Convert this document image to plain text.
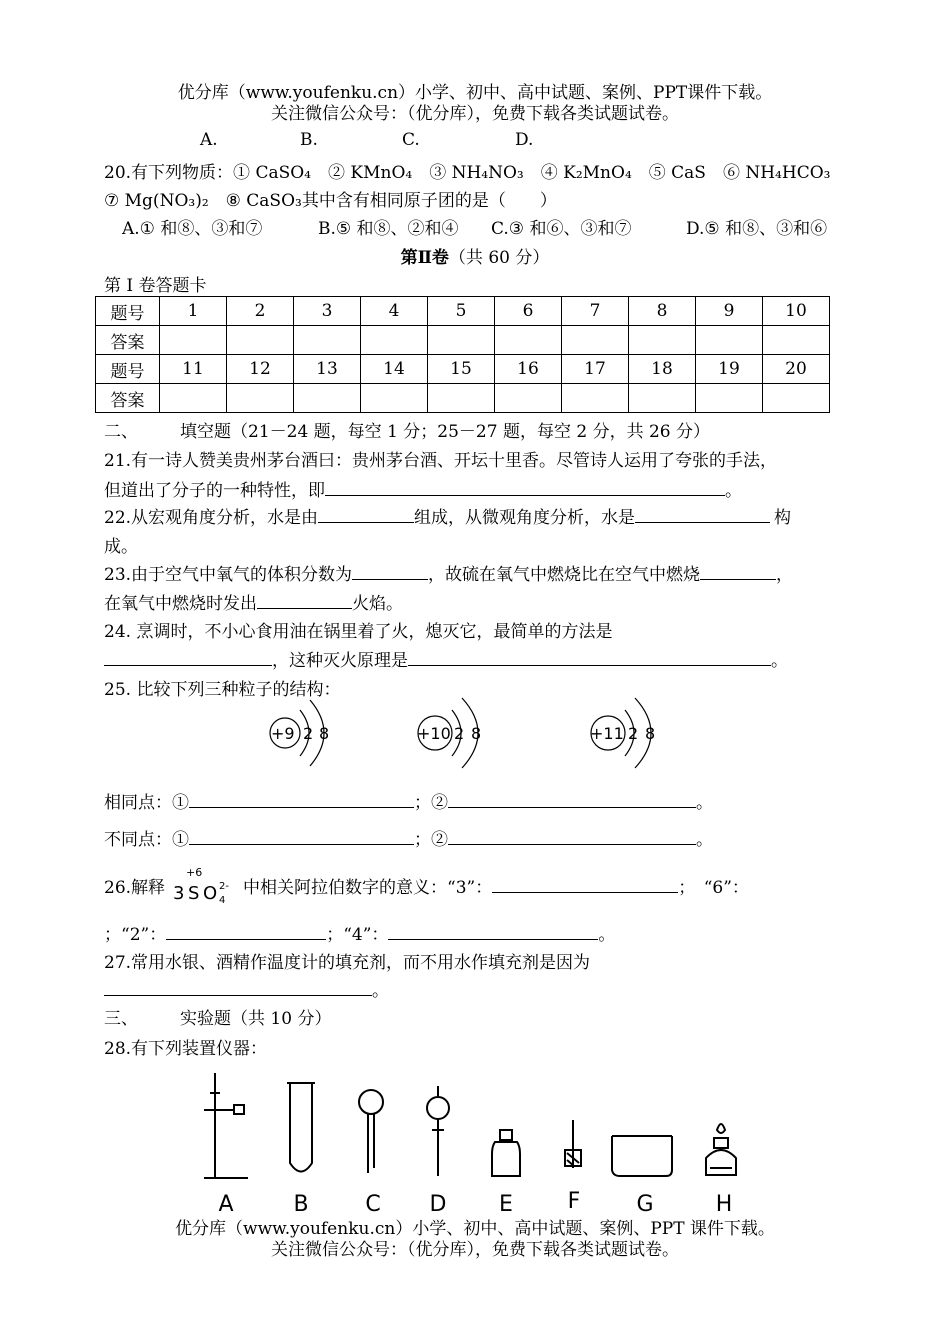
优分库（www.youfenku.cn）小学、初中、高中试题、案例、PPT课件下载。
关注微信公众号：（优分库），免费下载各类试题试卷。
A.	B.	C.	D.
20.有下列物质：① CaSO₄　② KMnO₄　③ NH₄NO₃　④ K₂MnO₄　⑤ CaS　⑥ NH₄HCO₃
⑦ Mg(NO₃)₂　⑧ CaSO₃其中含有相同原子团的是（　　）
A.① 和⑧、③和⑦	B.⑤ 和⑧、②和④ C.③ 和⑥、③和⑦	D.⑤ 和⑧、③和⑥
第Ⅱ卷（共 60 分）
第 I 卷答题卡
题号	1	2	3	4	5	6	7	8	9	10
答案										
题号	11	12	13	14	15	16	17	18	19	20
答案										
二、 填空题（21－24 题，每空 1 分；25－27 题，每空 2 分，共 26 分）
21.有一诗人赞美贵州茅台酒曰：贵州茅台酒、开坛十里香。尽管诗人运用了夸张的手法，
但道出了分子的一种特性，即	。
22.从宏观角度分析，水是由	组成，从微观角度分析，水是	构
成。
23.由于空气中氧气的体积分数为	，故硫在氧气中燃烧比在空气中燃烧	，
在氧气中燃烧时发出	火焰。
24. 烹调时，不小心食用油在锅里着了火，熄灭它，最简单的方法是
，这种灭火原理是	。
25. 比较下列三种粒子的结构：
+9 2 8	+10 2 8	+11 2 8
相同点：①	；②	。
不同点：①	；②	。
26.解释
+6
3 S O 4
2- 中相关阿拉伯数字的意义：“3”：	；　“6”：
；“2”：	；“4”：	。
27.常用水银、酒精作温度计的填充剂，而不用水作填充剂是因为
。
三、 实验题（共 10 分）
28.有下列装置仪器：
A	B	C D E F	G	H
优分库（www.youfenku.cn）小学、初中、高中试题、案例、PPT 课件下载。
关注微信公众号：（优分库），免费下载各类试题试卷。
